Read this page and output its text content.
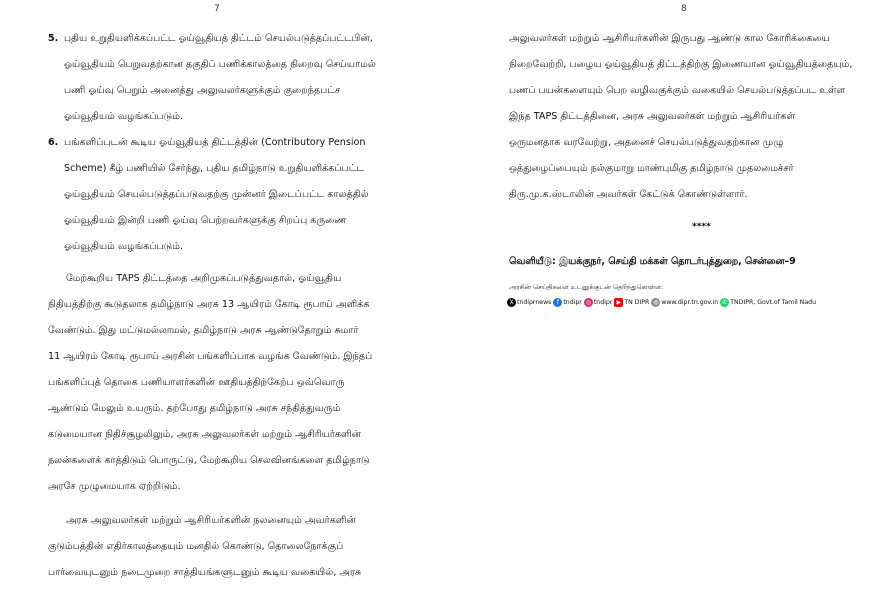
7
5. புதிய உறுதியளிக்கப்பட்ட ஓய்வூதியத் திட்டம் செயல்படுத்தப்பட்டபின்,
ஓய்வூதியம் பெறுவதற்கான தகுதிப் பணிக்காலத்தை நிறைவு செய்யாமல்
பணி ஓய்வு பெறும் அனைத்து அலுவலர்களுக்கும் குறைந்தபட்ச
ஓய்வூதியம் வழங்கப்படும்.
6. பங்களிப்புடன் கூடிய ஓய்வூதியத் திட்டத்தின் (Contributory Pension
Scheme) கீழ் பணியில் சேர்ந்து, புதிய தமிழ்நாடு உறுதியளிக்கப்பட்ட
ஓய்வூதியம் செயல்படுத்தப்படுவதற்கு முன்னர் இடைப்பட்ட காலத்தில்
ஓய்வூதியம் இன்றி பணி ஓய்வு பெற்றவர்களுக்கு சிறப்பு கருணை
ஓய்வூதியம் வழங்கப்படும்.
மேற்கூறிய TAPS திட்டத்தை அறிமுகப்படுத்துவதால், ஓய்வூதிய
நிதியத்திற்கு கூடுதலாக தமிழ்நாடு அரசு 13 ஆயிரம் கோடி ரூபாய் அளிக்க
வேண்டும். இது மட்டுமல்லாமல், தமிழ்நாடு அரசு ஆண்டுதோறும் சுமார்
11 ஆயிரம் கோடி ரூபாய் அரசின் பங்களிப்பாக வழங்க வேண்டும். இந்தப்
பங்களிப்புத் தொகை பணியாளர்களின் ஊதியத்திற்கேற்ப ஒவ்வொரு
ஆண்டும் மேலும் உயரும். தற்போது தமிழ்நாடு அரசு சந்தித்துவரும்
கடுமையான நிதிச்சூழலிலும், அரசு அலுவலர்கள் மற்றும் ஆசிரியர்களின்
நலன்களைக் காத்திடும் பொருட்டு, மேற்கூறிய செலவினங்களை தமிழ்நாடு
அரசே முழுமையாக ஏற்றிடும்.
அரசு அலுவலர்கள் மற்றும் ஆசிரியர்களின் நலனையும் அவர்களின்
குடும்பத்தின் எதிர்காலத்தையும் மனதில் கொண்டு, தொலைநோக்குப்
பார்வையுடனும் நடைமுறை சாத்தியங்களுடனும் கூடிய வகையில், அரசு
8
அலுவலர்கள் மற்றும் ஆசிரியர்களின் இருபது ஆண்டு கால கோரிக்கையை
நிறைவேற்றி, பழைய ஓய்வூதியத் திட்டத்திற்கு இணையான ஓய்வூதியத்தையும்,
பணப் பயன்களையும் பெற வழிவகுக்கும் வகையில் செயல்படுத்தப்பட உள்ள
இந்த TAPS திட்டத்தினை, அரசு அலுவலர்கள் மற்றும் ஆசிரியர்கள்
ஒருமனதாக வரவேற்று, அதனைச் செயல்படுத்துவதற்கான முழு
ஒத்துழைப்பையும் நல்குமாறு மாண்புமிகு தமிழ்நாடு முதலமைச்சர்
திரு.மு.க.ஸ்டாலின் அவர்கள் கேட்டுக் கொண்டுள்ளார்.
****
வெளியீடு: இயக்குநர், செய்தி மக்கள் தொடர்புத்துறை, சென்னை–9
அரசின் செய்திகளை உடனுக்குடன் தெரிந்துகொள்ள:
X tndiprnews f tndipr ◎ tndipr ▶ TN DIPR ◍ www.dipr.tn.gov.in ✆ TNDIPR, Govt.of Tamil Nadu
